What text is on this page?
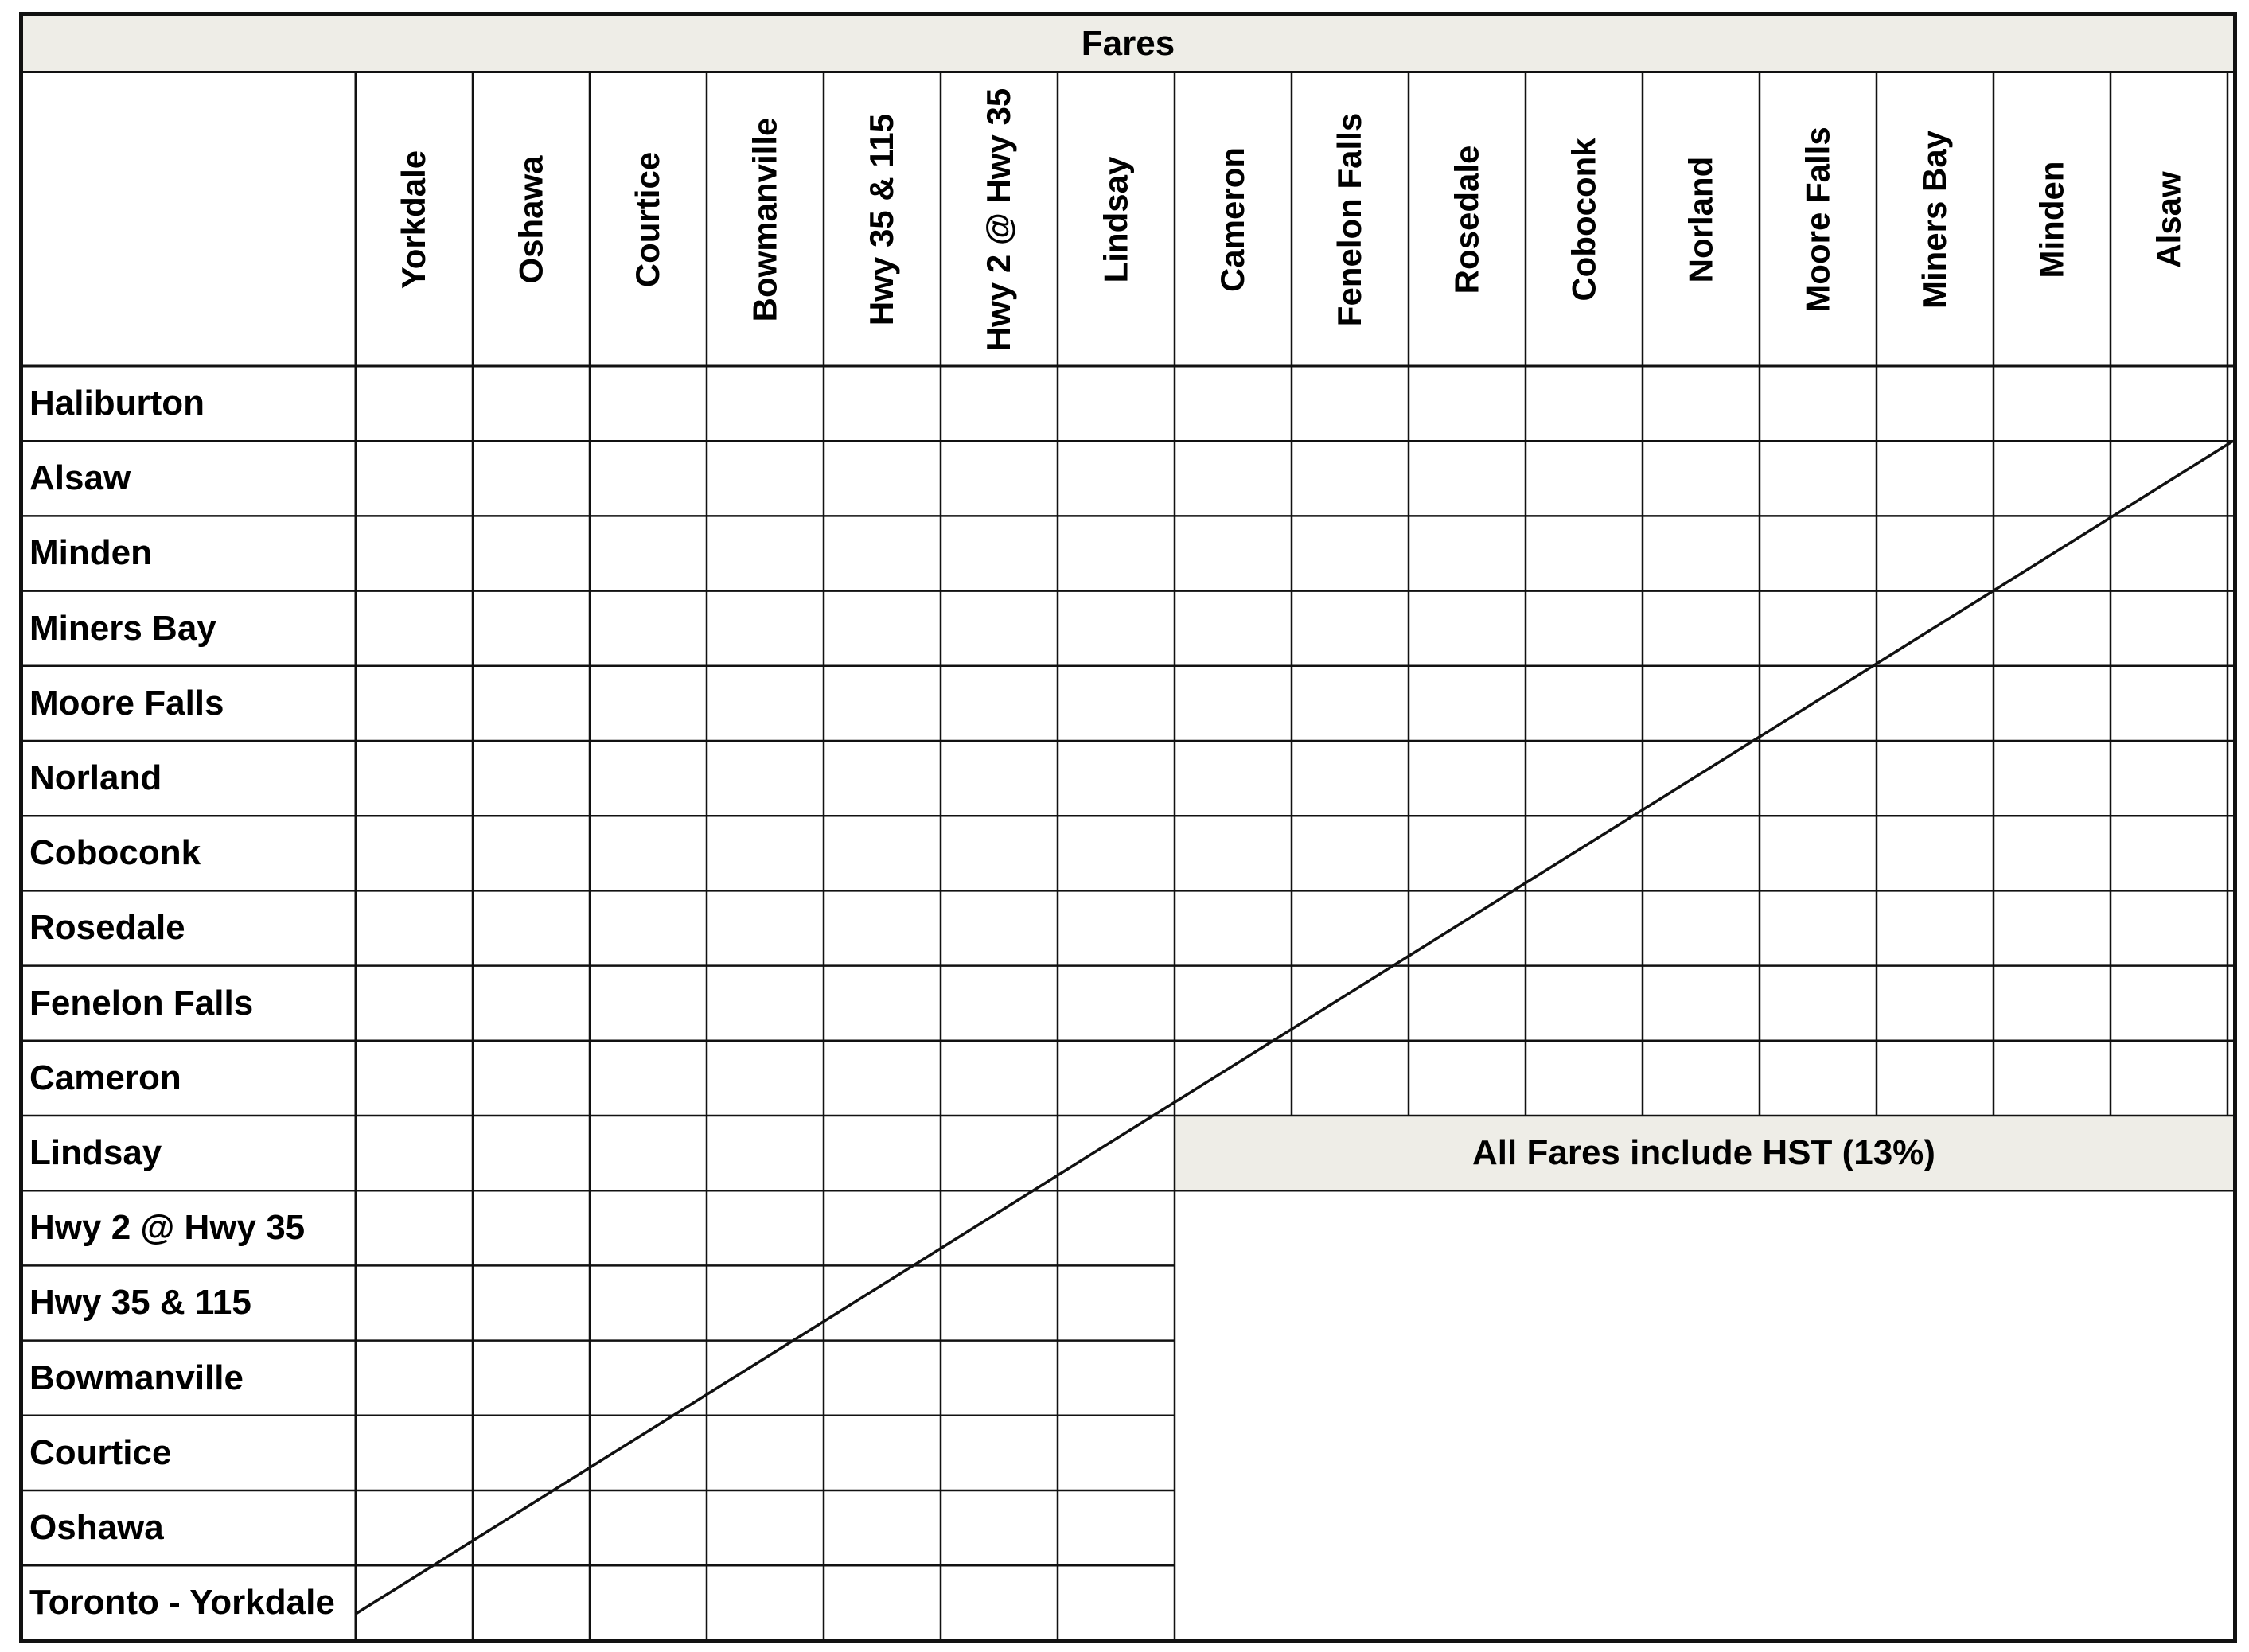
Fares
Yorkdale Oshawa Courtice Bowmanville Hwy 35 & 115 Hwy 2 @ Hwy 35 Lindsay Cameron Fenelon Falls Rosedale Coboconk Norland Moore Falls Miners Bay Minden Alsaw
Haliburton
Alsaw
Minden
Miners Bay
Moore Falls
Norland
Coboconk
Rosedale
Fenelon Falls
Cameron
Lindsay
Hwy 2 @ Hwy 35
Hwy 35 & 115
Bowmanville
Courtice
Oshawa
Toronto - Yorkdale
All Fares include HST (13%)
